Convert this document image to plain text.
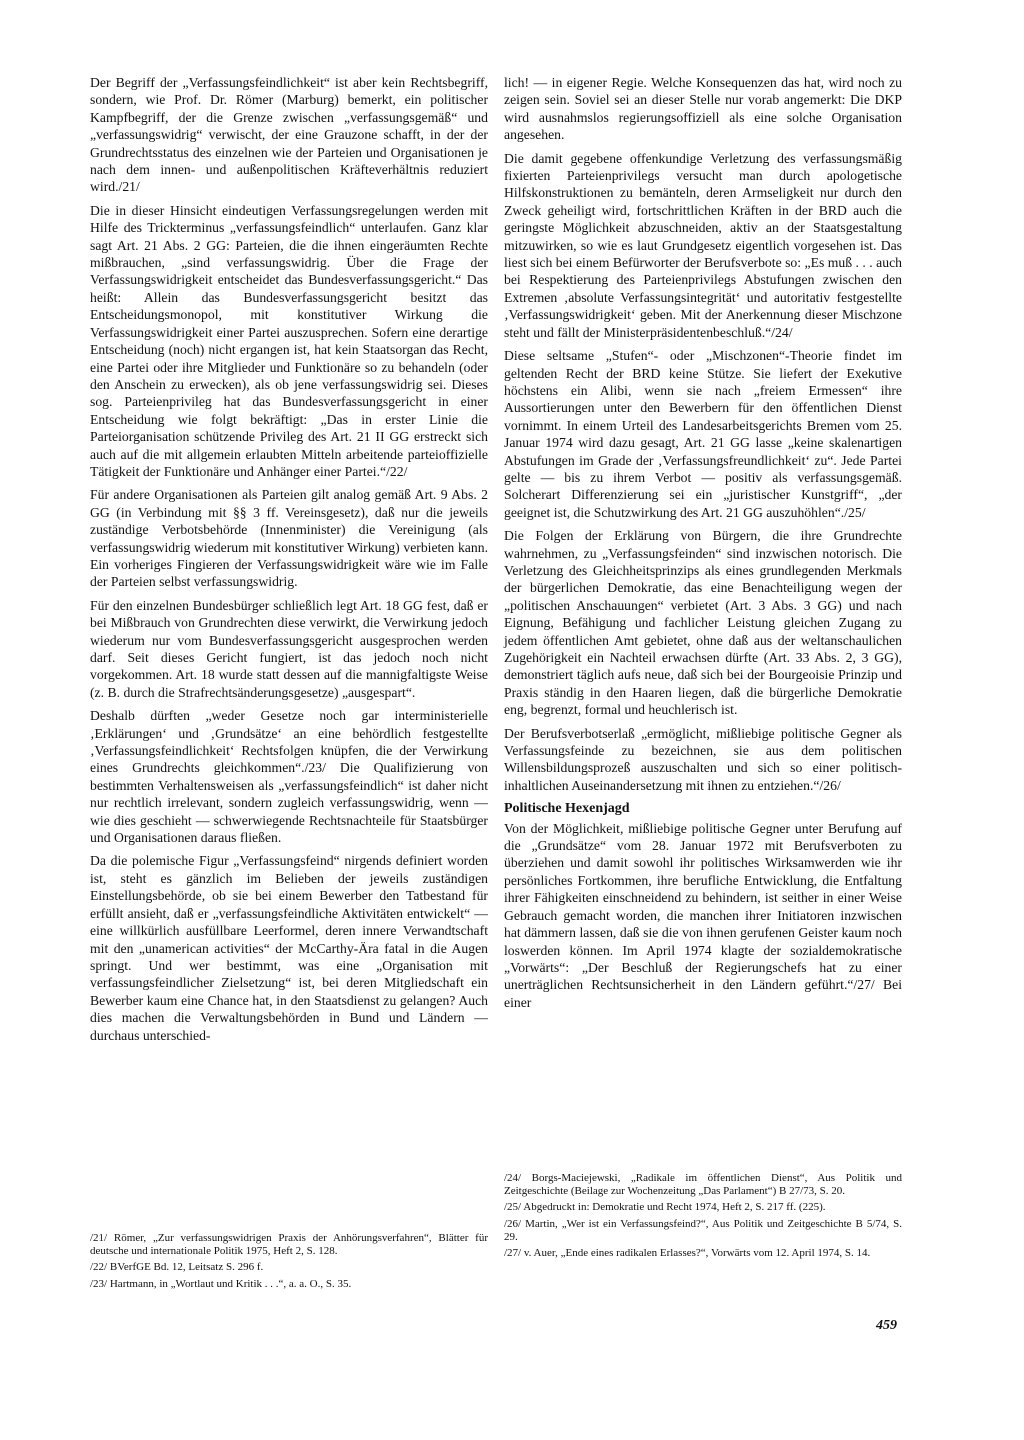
Der Begriff der „Verfassungsfeindlichkeit“ ist aber kein Rechtsbegriff, sondern, wie Prof. Dr. Römer (Marburg) bemerkt, ein politischer Kampfbegriff, der die Grenze zwischen „verfassungsgemäß“ und „verfassungswidrig“ verwischt, der eine Grauzone schafft, in der der Grundrechtsstatus des einzelnen wie der Parteien und Organisationen je nach dem innen- und außenpolitischen Kräfteverhältnis reduziert wird./21/

Die in dieser Hinsicht eindeutigen Verfassungsregelungen werden mit Hilfe des Trickterminus „verfassungsfeindlich“ unterlaufen. Ganz klar sagt Art. 21 Abs. 2 GG: Parteien, die die ihnen eingeräumten Rechte mißbrauchen, „sind verfassungswidrig. Über die Frage der Verfassungswidrigkeit entscheidet das Bundesverfassungsgericht.“ Das heißt: Allein das Bundesverfassungsgericht besitzt das Entscheidungsmonopol, mit konstitutiver Wirkung die Verfassungswidrigkeit einer Partei auszusprechen. Sofern eine derartige Entscheidung (noch) nicht ergangen ist, hat kein Staatsorgan das Recht, eine Partei oder ihre Mitglieder und Funktionäre so zu behandeln (oder den Anschein zu erwecken), als ob jene verfassungswidrig sei. Dieses sog. Parteienprivileg hat das Bundesverfassungsgericht in einer Entscheidung wie folgt bekräftigt: „Das in erster Linie die Parteiorganisation schützende Privileg des Art. 21 II GG erstreckt sich auch auf die mit allgemein erlaubten Mitteln arbeitende parteioffizielle Tätigkeit der Funktionäre und Anhänger einer Partei.“/22/

Für andere Organisationen als Parteien gilt analog gemäß Art. 9 Abs. 2 GG (in Verbindung mit §§ 3 ff. Vereinsgesetz), daß nur die jeweils zuständige Verbotsbehörde (Innenminister) die Vereinigung (als verfassungswidrig wiederum mit konstitutiver Wirkung) verbieten kann. Ein vorheriges Fingieren der Verfassungswidrigkeit wäre wie im Falle der Parteien selbst verfassungswidrig.

Für den einzelnen Bundesbürger schließlich legt Art. 18 GG fest, daß er bei Mißbrauch von Grundrechten diese verwirkt, die Verwirkung jedoch wiederum nur vom Bundesverfassungsgericht ausgesprochen werden darf. Seit dieses Gericht fungiert, ist das jedoch noch nicht vorgekommen. Art. 18 wurde statt dessen auf die mannigfaltigste Weise (z. B. durch die Strafrechtsänderungsgesetze) „ausgespart“.

Deshalb dürften „weder Gesetze noch gar interministerielle ‚Erklärungen‘ und ‚Grundsätze‘ an eine behördlich festgestellte ‚Verfassungsfeindlichkeit‘ Rechtsfolgen knüpfen, die der Verwirkung eines Grundrechts gleichkommen“./23/ Die Qualifizierung von bestimmten Verhaltensweisen als „verfassungsfeindlich“ ist daher nicht nur rechtlich irrelevant, sondern zugleich verfassungswidrig, wenn — wie dies geschieht — schwerwiegende Rechtsnachteile für Staatsbürger und Organisationen daraus fließen.

Da die polemische Figur „Verfassungsfeind“ nirgends definiert worden ist, steht es gänzlich im Belieben der jeweils zuständigen Einstellungsbehörde, ob sie bei einem Bewerber den Tatbestand für erfüllt ansieht, daß er „verfassungsfeindliche Aktivitäten entwickelt“ — eine willkürlich ausfüllbare Leerformel, deren innere Verwandtschaft mit den „unamerican activities“ der McCarthy-Ära fatal in die Augen springt. Und wer bestimmt, was eine „Organisation mit verfassungsfeindlicher Zielsetzung“ ist, bei deren Mitgliedschaft ein Bewerber kaum eine Chance hat, in den Staatsdienst zu gelangen? Auch dies machen die Verwaltungsbehörden in Bund und Ländern — durchaus unterschied-

/21/ Römer, „Zur verfassungswidrigen Praxis der Anhörungsverfahren“, Blätter für deutsche und internationale Politik 1975, Heft 2, S. 128.

/22/ BVerfGE Bd. 12, Leitsatz S. 296 f.

/23/ Hartmann, in „Wortlaut und Kritik . . .“, a. a. O., S. 35.

lich! — in eigener Regie. Welche Konsequenzen das hat, wird noch zu zeigen sein. Soviel sei an dieser Stelle nur vorab angemerkt: Die DKP wird ausnahmslos regierungsoffiziell als eine solche Organisation angesehen.

Die damit gegebene offenkundige Verletzung des verfassungsmäßig fixierten Parteienprivilegs versucht man durch apologetische Hilfskonstruktionen zu bemänteln, deren Armseligkeit nur durch den Zweck geheiligt wird, fortschrittlichen Kräften in der BRD auch die geringste Möglichkeit abzuschneiden, aktiv an der Staatsgestaltung mitzuwirken, so wie es laut Grundgesetz eigentlich vorgesehen ist. Das liest sich bei einem Befürworter der Berufsverbote so: „Es muß . . . auch bei Respektierung des Parteienprivilegs Abstufungen zwischen den Extremen ‚absolute Verfassungsintegrität‘ und autoritativ festgestellte ‚Verfassungswidrigkeit‘ geben. Mit der Anerkennung dieser Mischzone steht und fällt der Ministerpräsidentenbeschluß.“/24/

Diese seltsame „Stufen“- oder „Mischzonen“-Theorie findet im geltenden Recht der BRD keine Stütze. Sie liefert der Exekutive höchstens ein Alibi, wenn sie nach „freiem Ermessen“ ihre Aussortierungen unter den Bewerbern für den öffentlichen Dienst vornimmt. In einem Urteil des Landesarbeitsgerichts Bremen vom 25. Januar 1974 wird dazu gesagt, Art. 21 GG lasse „keine skalenartigen Abstufungen im Grade der ‚Verfassungsfreundlichkeit‘ zu“. Jede Partei gelte — bis zu ihrem Verbot — positiv als verfassungsgemäß. Solcherart Differenzierung sei ein „juristischer Kunstgriff“, „der geeignet ist, die Schutzwirkung des Art. 21 GG auszuhöhlen“./25/

Die Folgen der Erklärung von Bürgern, die ihre Grundrechte wahrnehmen, zu „Verfassungsfeinden“ sind inzwischen notorisch. Die Verletzung des Gleichheitsprinzips als eines grundlegenden Merkmals der bürgerlichen Demokratie, das eine Benachteiligung wegen der „politischen Anschauungen“ verbietet (Art. 3 Abs. 3 GG) und nach Eignung, Befähigung und fachlicher Leistung gleichen Zugang zu jedem öffentlichen Amt gebietet, ohne daß aus der weltanschaulichen Zugehörigkeit ein Nachteil erwachsen dürfte (Art. 33 Abs. 2, 3 GG), demonstriert täglich aufs neue, daß sich bei der Bourgeoisie Prinzip und Praxis ständig in den Haaren liegen, daß die bürgerliche Demokratie eng, begrenzt, formal und heuchlerisch ist.

Der Berufsverbotserlaß „ermöglicht, mißliebige politische Gegner als Verfassungsfeinde zu bezeichnen, sie aus dem politischen Willensbildungsprozeß auszuschalten und sich so einer politisch-inhaltlichen Auseinandersetzung mit ihnen zu entziehen.“/26/

Politische Hexenjagd

Von der Möglichkeit, mißliebige politische Gegner unter Berufung auf die „Grundsätze“ vom 28. Januar 1972 mit Berufsverboten zu überziehen und damit sowohl ihr politisches Wirksamwerden wie ihr persönliches Fortkommen, ihre berufliche Entwicklung, die Entfaltung ihrer Fähigkeiten einschneidend zu behindern, ist seither in einer Weise Gebrauch gemacht worden, die manchen ihrer Initiatoren inzwischen hat dämmern lassen, daß sie die von ihnen gerufenen Geister kaum noch loswerden können. Im April 1974 klagte der sozialdemokratische „Vorwärts“: „Der Beschluß der Regierungschefs hat zu einer unerträglichen Rechtsunsicherheit in den Ländern geführt.“/27/ Bei einer

/24/ Borgs-Maciejewski, „Radikale im öffentlichen Dienst“, Aus Politik und Zeitgeschichte (Beilage zur Wochenzeitung „Das Parlament“) B 27/73, S. 20.

/25/ Abgedruckt in: Demokratie und Recht 1974, Heft 2, S. 217 ff. (225).

/26/ Martin, „Wer ist ein Verfassungsfeind?“, Aus Politik und Zeitgeschichte B 5/74, S. 29.

/27/ v. Auer, „Ende eines radikalen Erlasses?“, Vorwärts vom 12. April 1974, S. 14.

459
